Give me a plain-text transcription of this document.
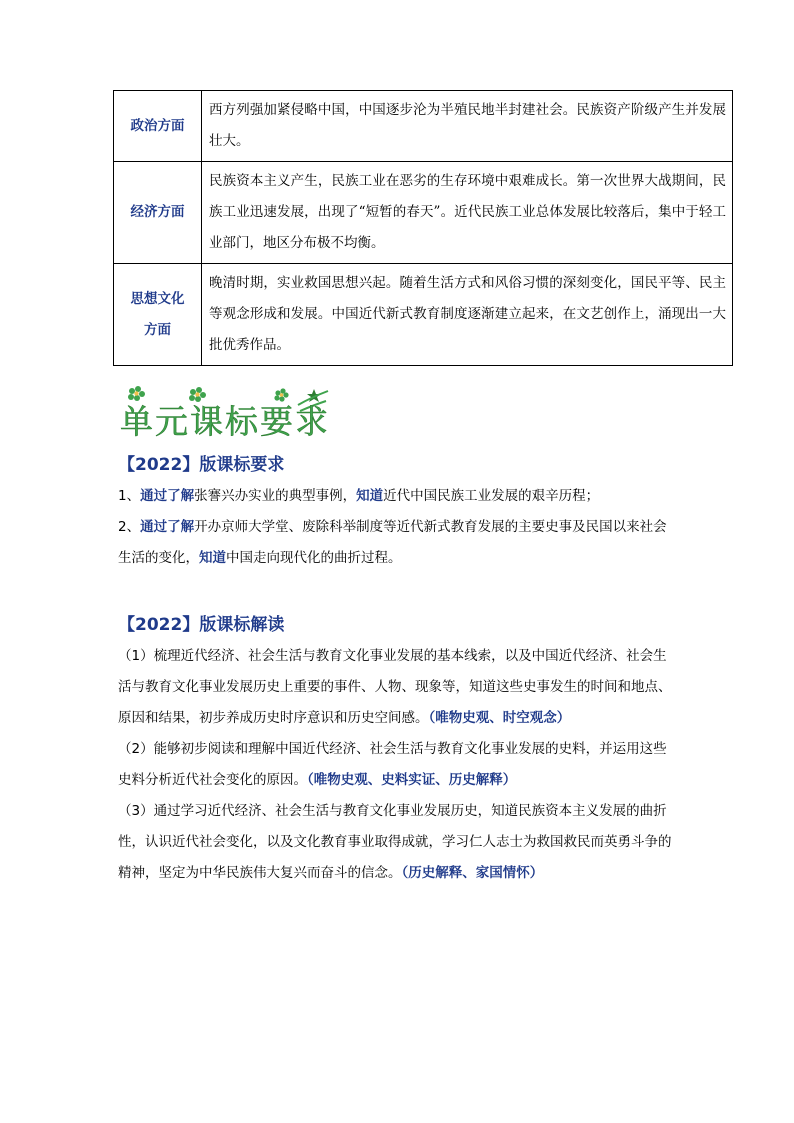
政治方面	西方列强加紧侵略中国，中国逐步沦为半殖民地半封建社会。民族资产阶级产生并发展壮大。
经济方面	民族资本主义产生，民族工业在恶劣的生存环境中艰难成长。第一次世界大战期间，民族工业迅速发展，出现了“短暂的春天”。近代民族工业总体发展比较落后，集中于轻工业部门，地区分布极不均衡。
思想文化方面	晚清时期，实业救国思想兴起。随着生活方式和风俗习惯的深刻变化，国民平等、民主等观念形成和发展。中国近代新式教育制度逐渐建立起来，在文艺创作上，涌现出一大批优秀作品。
单元课标要求
【2022】版课标要求
1、通过了解张謇兴办实业的典型事例，知道近代中国民族工业发展的艰辛历程；
2、通过了解开办京师大学堂、废除科举制度等近代新式教育发展的主要史事及民国以来社会生活的变化，知道中国走向现代化的曲折过程。
【2022】版课标解读
（1）梳理近代经济、社会生活与教育文化事业发展的基本线索，以及中国近代经济、社会生活与教育文化事业发展历史上重要的事件、人物、现象等，知道这些史事发生的时间和地点、原因和结果，初步养成历史时序意识和历史空间感。（唯物史观、时空观念）
（2）能够初步阅读和理解中国近代经济、社会生活与教育文化事业发展的史料，并运用这些史料分析近代社会变化的原因。（唯物史观、史料实证、历史解释）
（3）通过学习近代经济、社会生活与教育文化事业发展历史，知道民族资本主义发展的曲折性，认识近代社会变化，以及文化教育事业取得成就，学习仁人志士为救国救民而英勇斗争的精神，坚定为中华民族伟大复兴而奋斗的信念。（历史解释、家国情怀）
